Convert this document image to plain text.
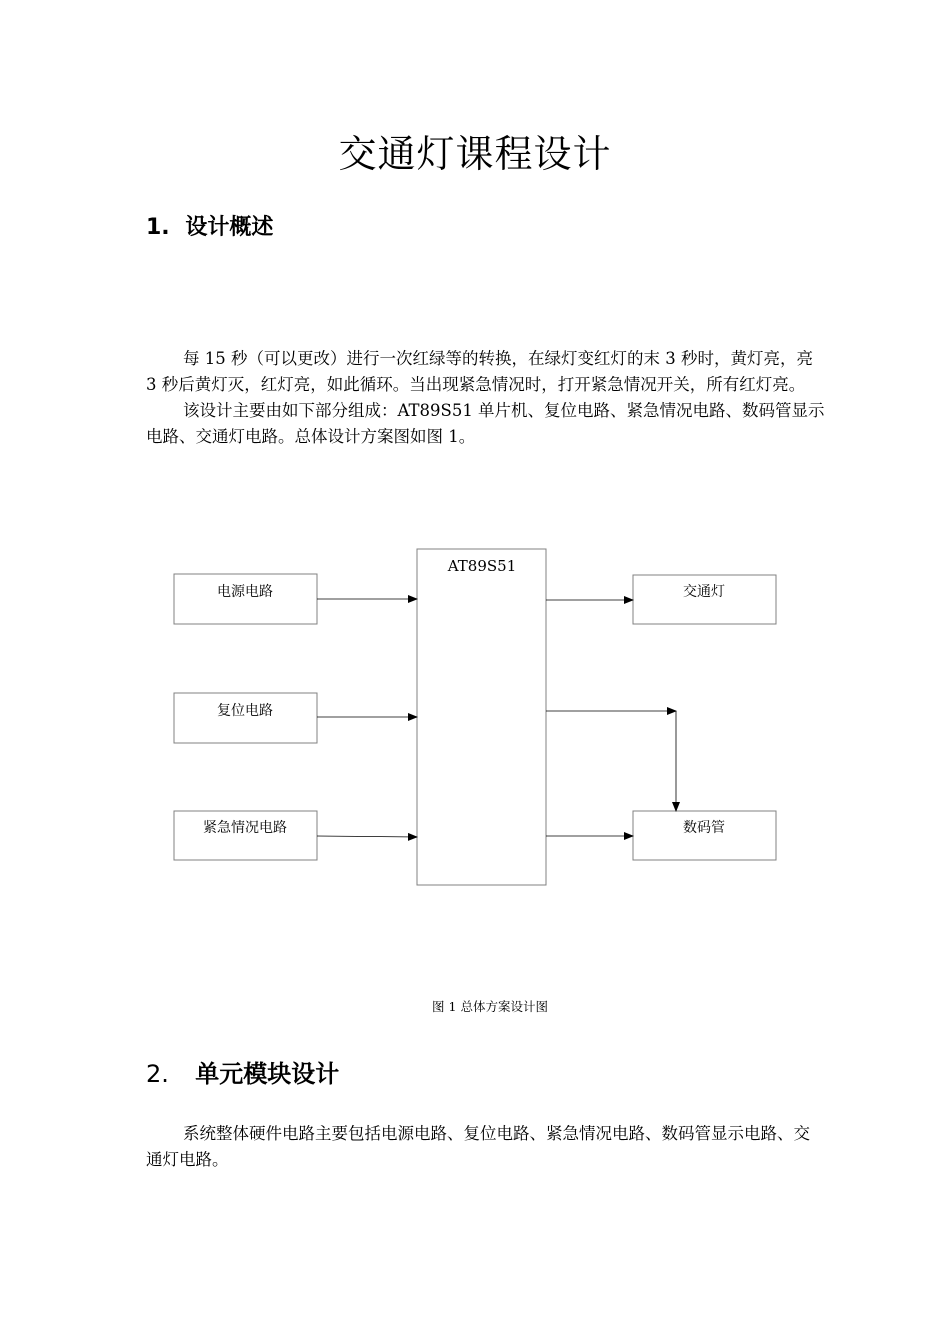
交通灯课程设计
1. 设计概述

每 15 秒（可以更改）进行一次红绿等的转换，在绿灯变红灯的末 3 秒时，黄灯亮，亮 3 秒后黄灯灭，红灯亮，如此循环。当出现紧急情况时，打开紧急情况开关，所有红灯亮。

该设计主要由如下部分组成：AT89S51 单片机、复位电路、紧急情况电路、数码管显示电路、交通灯电路。总体设计方案图如图 1。

AT89S51
电源电路
复位电路
紧急情况电路
交通灯
数码管
图 1 总体方案设计图
2. 单元模块设计

系统整体硬件电路主要包括电源电路、复位电路、紧急情况电路、数码管显示电路、交通灯电路。
